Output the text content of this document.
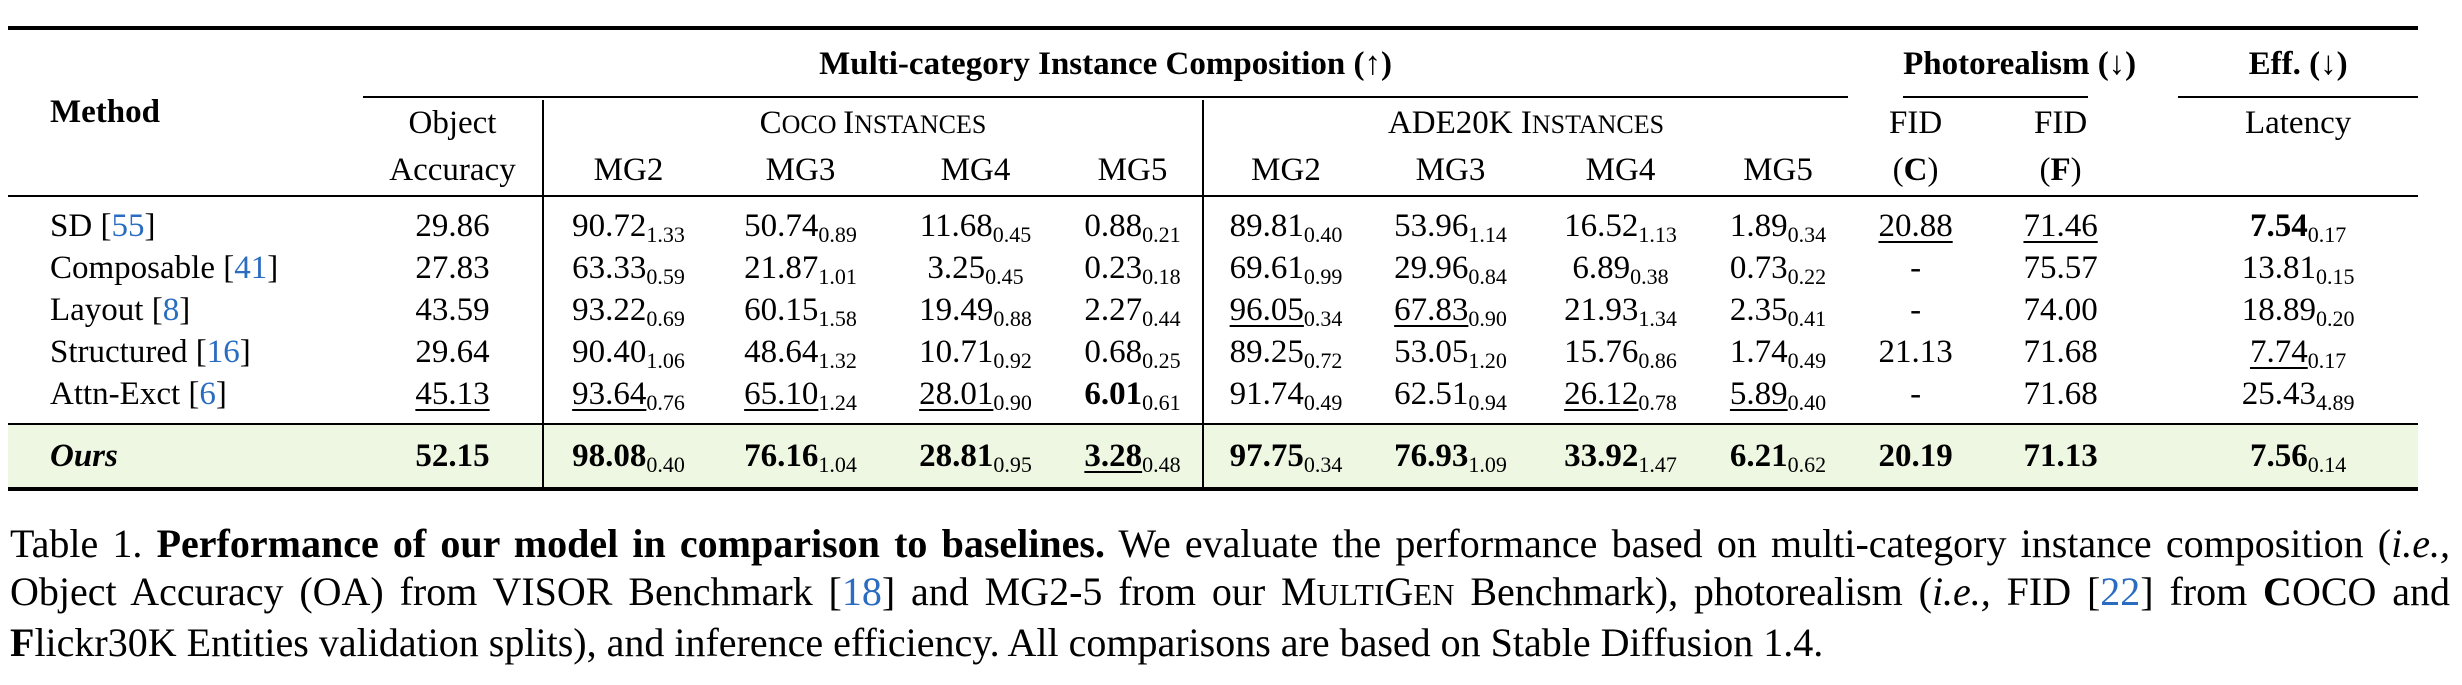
Method	Multi-category Instance Composition (↑)									Photorealism (↓)			Eff. (↓)

	Object	COCO INSTANCES				ADE20K INSTANCES				FID	FID		Latency
	Accuracy	MG2	MG3	MG4	MG5	MG2	MG3	MG4	MG5	(C)	(F)		
SD [55]	29.86	$90.72_{1.33}$	$50.74_{0.89}$	$11.68_{0.45}$	$0.88_{0.21}$	$89.81_{0.40}$	$53.96_{1.14}$	$16.52_{1.13}$	$1.89_{0.34}$	20.88	71.46		$7.54_{0.17}$
Composable [41]	27.83	$63.33_{0.59}$	$21.87_{1.01}$	$3.25_{0.45}$	$0.23_{0.18}$	$69.61_{0.99}$	$29.96_{0.84}$	$6.89_{0.38}$	$0.73_{0.22}$	-	75.57		$13.81_{0.15}$
Layout [8]	43.59	$93.22_{0.69}$	$60.15_{1.58}$	$19.49_{0.88}$	$2.27_{0.44}$	$96.05_{0.34}$	$67.83_{0.90}$	$21.93_{1.34}$	$2.35_{0.41}$	-	74.00		$18.89_{0.20}$
Structured [16]	29.64	$90.40_{1.06}$	$48.64_{1.32}$	$10.71_{0.92}$	$0.68_{0.25}$	$89.25_{0.72}$	$53.05_{1.20}$	$15.76_{0.86}$	$1.74_{0.49}$	21.13	71.68		$7.74_{0.17}$
Attn-Exct [6]	45.13	$93.64_{0.76}$	$65.10_{1.24}$	$28.01_{0.90}$	$6.01_{0.61}$	$91.74_{0.49}$	$62.51_{0.94}$	$26.12_{0.78}$	$5.89_{0.40}$	-	71.68		$25.43_{4.89}$
Ours	52.15	$98.08_{0.40}$	$76.16_{1.04}$	$28.81_{0.95}$	$3.28_{0.48}$	$97.75_{0.34}$	$76.93_{1.09}$	$33.92_{1.47}$	$6.21_{0.62}$	20.19	71.13		$7.56_{0.14}$
Table 1. Performance of our model in comparison to baselines. We evaluate the performance based on multi-category instance composition (i.e., Object Accuracy (OA) from VISOR Benchmark [18] and MG2-5 from our MULTIGEN Benchmark), photorealism (i.e., FID [22] from COCO and Flickr30K Entities validation splits), and inference efficiency. All comparisons are based on Stable Diffusion 1.4.
